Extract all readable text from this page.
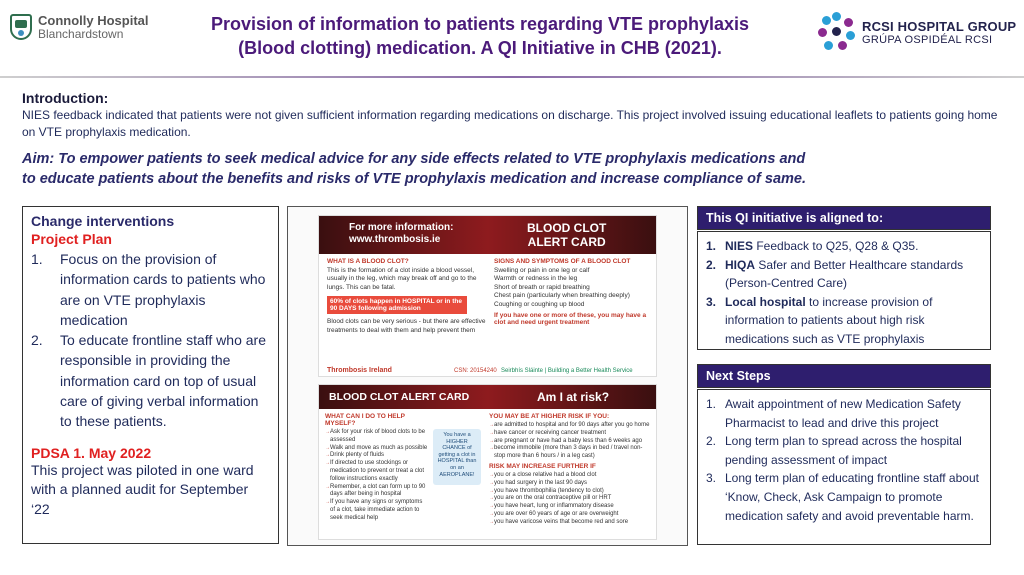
Connolly Hospital
Blanchardstown	Provision of information to patients regarding VTE prophylaxis
(Blood clotting) medication. A QI Initiative in CHB (2021).
RCSI HOSPITAL GROUP
GRÚPA OSPIDÉAL RCSI
Introduction:
NIES feedback indicated that patients were not given sufficient information regarding medications on discharge. This project involved issuing educational leaflets to patients going home on VTE prophylaxis medication.
Aim: To empower patients to seek medical advice for any side effects related to VTE prophylaxis medications and
to educate patients about the benefits and risks of VTE prophylaxis medication and increase compliance of same.
Change interventions
Project Plan
1.	Focus on the provision of information cards to patients who are on VTE prophylaxis medication
2.	To educate frontline staff who are responsible in providing the information card on top of usual care of giving verbal information to these patients.
PDSA 1. May 2022
This project was piloted in one ward with a planned audit for September ‘22
For more information:
www.thrombosis.ie
BLOOD CLOT
ALERT CARD
WHAT IS A BLOOD CLOT?
This is the formation of a clot inside a blood vessel, usually in the leg, which may break off and go to the lungs. This can be fatal.
60% of clots happen in HOSPITAL or in the 90 DAYS following admission
Blood clots can be very serious - but there are effective treatments to deal with them and help prevent them
SIGNS AND SYMPTOMS OF A BLOOD CLOT
Swelling or pain in one leg or calf
Warmth or redness in the leg
Short of breath or rapid breathing
Chest pain (particularly when breathing deeply)
Coughing or coughing up blood
If you have one or more of these, you may have a clot and need urgent treatment
Thrombosis Ireland	CSN: 20154240 Seirbhís Sláinte | Building a Better Health Service
BLOOD CLOT ALERT CARD	Am I at risk?
WHAT CAN I DO TO HELP MYSELF?
→ Ask for your risk of blood clots to be assessed
→ Walk and move as much as possible
→ Drink plenty of fluids
→ If directed to use stockings or medication to prevent or treat a clot follow instructions exactly
→ Remember, a clot can form up to 90 days after being in hospital
→ If you have any signs or symptoms of a clot, take immediate action to seek medical help
You have a HIGHER CHANCE of getting a clot in HOSPITAL than on an AEROPLANE!
YOU MAY BE AT HIGHER RISK IF YOU:
→ are admitted to hospital and for 90 days after you go home
→ have cancer or receiving cancer treatment
→ are pregnant or have had a baby less than 6 weeks ago
→ become immobile (more than 3 days in bed / travel non-stop more than 6 hours / in a leg cast)
RISK MAY INCREASE FURTHER IF
→ you or a close relative had a blood clot
→ you had surgery in the last 90 days
→ you have thrombophilia (tendency to clot)
→ you are on the oral contraceptive pill or HRT
→ you have heart, lung or inflammatory disease
→ you are over 60 years of age or are overweight
→ you have varicose veins that become red and sore
This QI initiative is aligned to:
1. NIES Feedback to Q25, Q28 & Q35.
2. HIQA Safer and Better Healthcare standards (Person-Centred Care)
3. Local hospital to increase provision of information to patients about high risk medications such as VTE prophylaxis
Next Steps
1. Await appointment of new Medication Safety Pharmacist to lead and drive this project
2. Long term plan to spread across the hospital pending assessment of impact
3. Long term plan of educating frontline staff about ‘Know, Check, Ask Campaign to promote medication safety and avoid preventable harm.
